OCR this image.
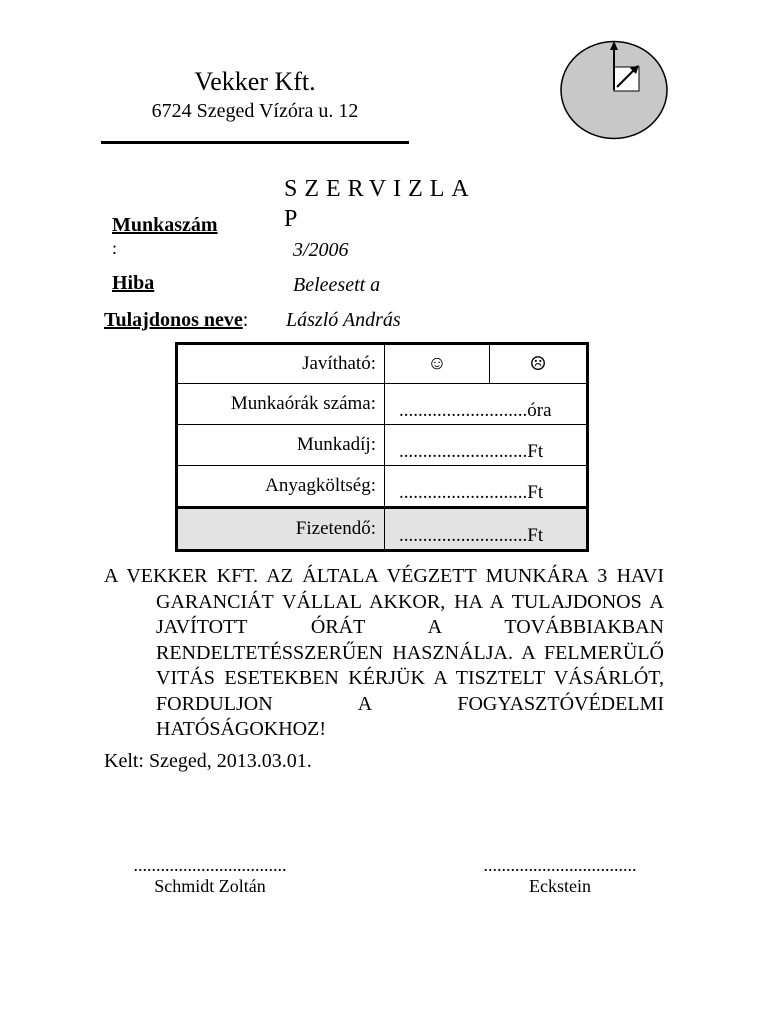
Vekker Kft.
6724 Szeged Vízóra u. 12
SZERVIZLAP
Munkaszám
:	3/2006
Hiba	Beleesett a
Tulajdonos neve: László András
Javítható:	☺	☹
Munkaórák száma:	...........................óra	
Munkadíj:	...........................Ft	
Anyagköltség:	...........................Ft	
Fizetendő:	...........................Ft	
A VEKKER KFT. AZ ÁLTALA VÉGZETT MUNKÁRA 3 HAVI GARANCIÁT VÁLLAL AKKOR, HA A TULAJDONOS A JAVÍTOTT ÓRÁT A TOVÁBBIAKBAN RENDELTETÉSSZERŰEN HASZNÁLJA. A FELMERÜLŐ VITÁS ESETEKBEN KÉRJÜK A TISZTELT VÁSÁRLÓT, FORDULJON A FOGYASZTÓVÉDELMI HATÓSÁGOKHOZ!
Kelt: Szeged, 2013.03.01.
..................................
Schmidt Zoltán
..................................
Eckstein
